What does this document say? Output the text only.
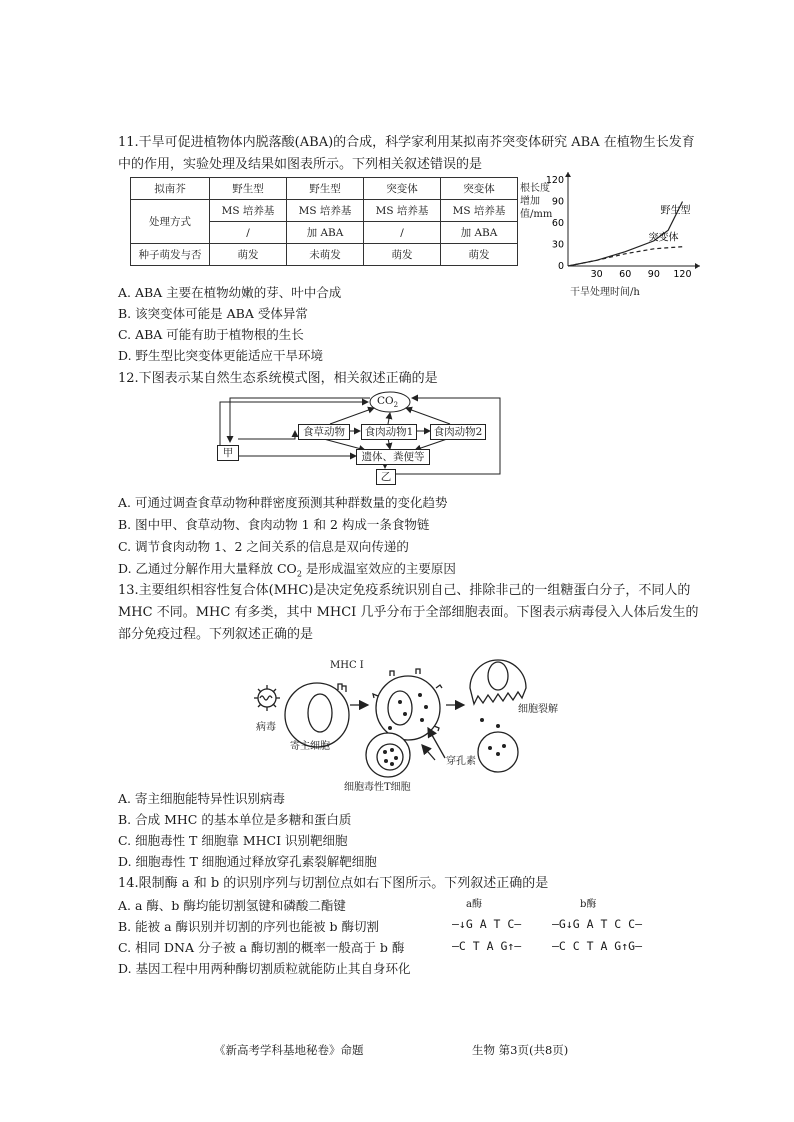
11.干旱可促进植物体内脱落酸(ABA)的合成，科学家利用某拟南芥突变体研究 ABA 在植物生长发育
中的作用，实验处理及结果如图表所示。下列相关叙述错误的是
拟南芥	野生型	野生型	突变体	突变体
处理方式	MS 培养基	MS 培养基	MS 培养基	MS 培养基
	/	加 ABA	/	加 ABA
种子萌发与否	萌发	未萌发	萌发	萌发
根长度增加值/mm
30 60 90 120
0
30
60
90
120
野生型
突变体
干旱处理时间/h
A. ABA 主要在植物幼嫩的芽、叶中合成
B. 该突变体可能是 ABA 受体异常
C. ABA 可能有助于植物根的生长
D. 野生型比突变体更能适应干旱环境
12.下图表示某自然生态系统模式图，相关叙述正确的是
$CO_2$
甲
食草动物	食肉动物1	食肉动物2
遗体、粪便等
乙
A. 可通过调查食草动物种群密度预测其种群数量的变化趋势
B. 图中甲、食草动物、食肉动物 1 和 2 构成一条食物链
C. 调节食肉动物 1、2 之间关系的信息是双向传递的
D. 乙通过分解作用大量释放 $CO_2$ 是形成温室效应的主要原因
13.主要组织相容性复合体(MHC)是决定免疫系统识别自己、排除非己的一组糖蛋白分子，不同人的
MHC 不同。MHC 有多类，其中 MHCI 几乎分布于全部细胞表面。下图表示病毒侵入人体后发生的
部分免疫过程。下列叙述正确的是
MHC Ⅰ
病毒
寄主细胞
细胞裂解
穿孔素
细胞毒性T细胞
A. 寄主细胞能特异性识别病毒
B. 合成 MHC 的基本单位是多糖和蛋白质
C. 细胞毒性 T 细胞靠 MHCI 识别靶细胞
D. 细胞毒性 T 细胞通过释放穿孔素裂解靶细胞
14.限制酶 a 和 b 的识别序列与切割位点如右下图所示。下列叙述正确的是
A. a 酶、b 酶均能切割氢键和磷酸二酯键
B. 能被 a 酶识别并切割的序列也能被 b 酶切割
C. 相同 DNA 分子被 a 酶切割的概率一般高于 b 酶
D. 基因工程中用两种酶切割质粒就能防止其自身环化
a酶	b酶
—↓G A T C—
—C T A G↑—
—G↓G A T C C—
—C C T A G↑G—
《新高考学科基地秘卷》命题	生物 第3页(共8页)
